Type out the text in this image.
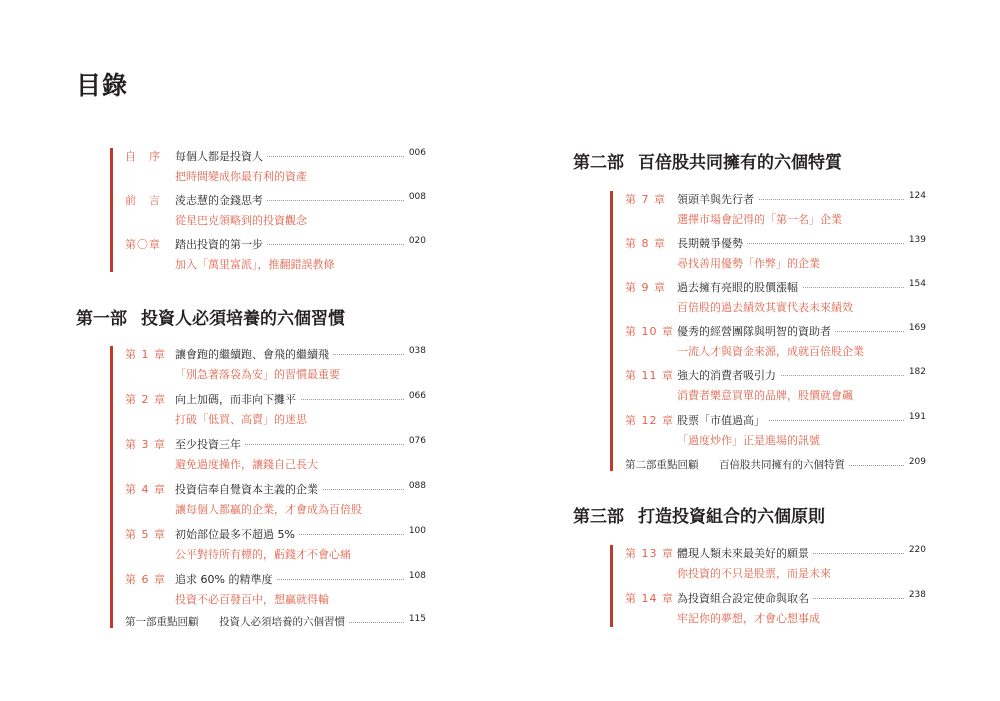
目錄
自　序 每個人都是投資人	006
把時間變成你最有利的資產
前　言 淩志慧的金錢思考	008
從星巴克領略到的投資觀念
第〇章 踏出投資的第一步	020
加入「萬里富派」，推翻錯誤教條
第一部 投資人必須培養的六個習慣
第 1 章 讓會跑的繼續跑、會飛的繼續飛	038
「別急著落袋為安」的習慣最重要
第 2 章 向上加碼，而非向下攤平	066
打破「低買、高賣」的迷思
第 3 章 至少投資三年	076
避免過度操作，讓錢自己長大
第 4 章 投資信奉自覺資本主義的企業	088
讓每個人都贏的企業，才會成為百倍股
第 5 章 初始部位最多不超過 5%	100
公平對待所有標的，虧錢才不會心痛
第 6 章 追求 60% 的精準度	108
投資不必百發百中，想贏就得輸
第一部重點回顧 投資人必須培養的六個習慣	115
第二部 百倍股共同擁有的六個特質
第 7 章 領頭羊與先行者	124
選擇市場會記得的「第一名」企業
第 8 章 長期競爭優勢	139
尋找善用優勢「作弊」的企業
第 9 章 過去擁有亮眼的股價漲幅	154
百倍股的過去績效其實代表未來績效
第 10 章 優秀的經營團隊與明智的資助者	169
一流人才與資金來源，成就百倍股企業
第 11 章 強大的消費者吸引力	182
消費者樂意買單的品牌，股價就會飆
第 12 章 股票「市值過高」	191
「過度炒作」正是進場的訊號
第二部重點回顧 百倍股共同擁有的六個特質	209
第三部 打造投資組合的六個原則
第 13 章 體現人類未來最美好的願景	220
你投資的不只是股票，而是未來
第 14 章 為投資組合設定使命與取名	238
牢記你的夢想，才會心想事成
